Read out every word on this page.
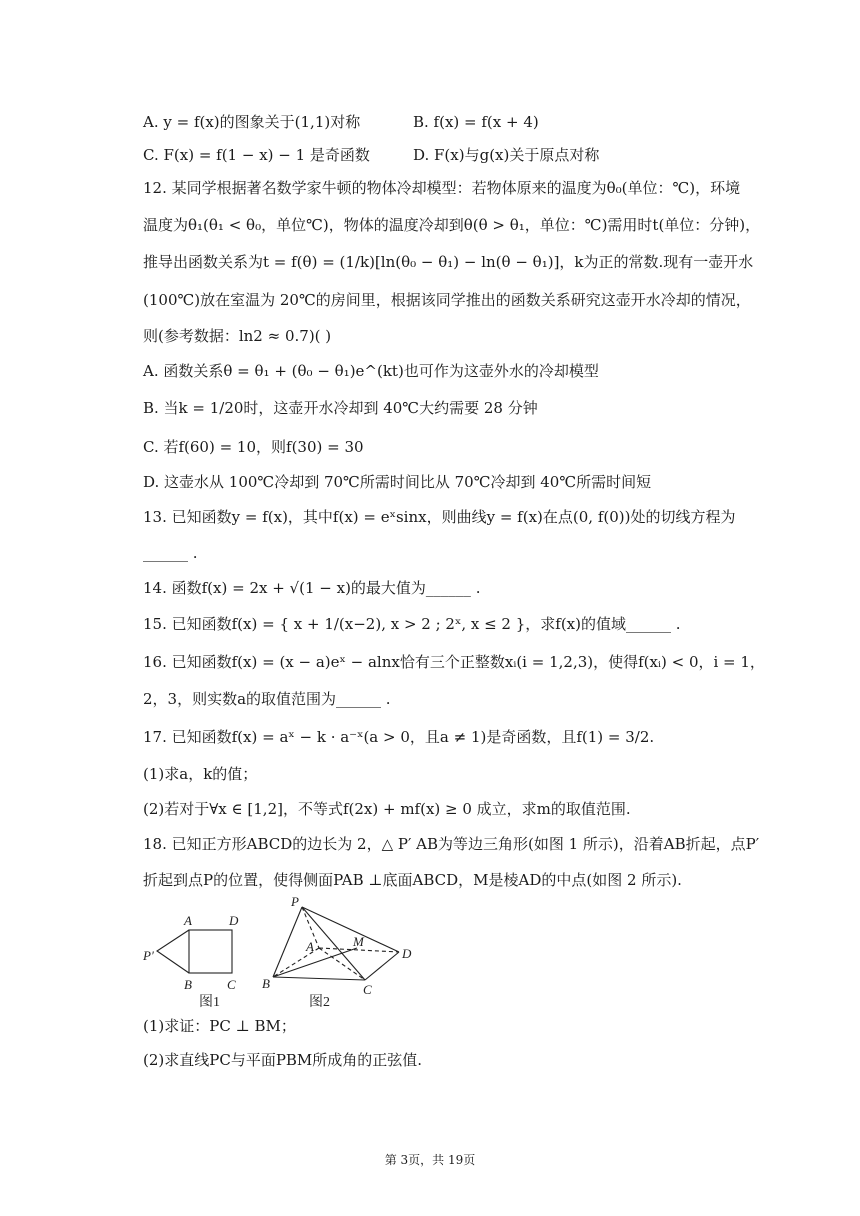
A. y = f(x)的图象关于(1,1)对称	B. f(x) = f(x + 4)
C. F(x) = f(1 − x) − 1 是奇函数	D. F(x)与g(x)关于原点对称
12. 某同学根据著名数学家牛顿的物体冷却模型：若物体原来的温度为θ₀(单位：℃)，环境
温度为θ₁(θ₁ < θ₀，单位℃)，物体的温度冷却到θ(θ > θ₁，单位：℃)需用时t(单位：分钟)，
推导出函数关系为t = f(θ) = (1/k)[ln(θ₀ − θ₁) − ln(θ − θ₁)]，k为正的常数.现有一壶开水
(100℃)放在室温为 20℃的房间里，根据该同学推出的函数关系研究这壶开水冷却的情况，
则(参考数据：ln2 ≈ 0.7)( )
A. 函数关系θ = θ₁ + (θ₀ − θ₁)e^(kt)也可作为这壶外水的冷却模型
B. 当k = 1/20时，这壶开水冷却到 40℃大约需要 28 分钟
C. 若f(60) = 10，则f(30) = 30
D. 这壶水从 100℃冷却到 70℃所需时间比从 70℃冷却到 40℃所需时间短
13. 已知函数y = f(x)，其中f(x) = eˣsinx，则曲线y = f(x)在点(0, f(0))处的切线方程为
______ .
14. 函数f(x) = 2x + √(1 − x)的最大值为______ .
15. 已知函数f(x) = { x + 1/(x−2), x > 2 ; 2ˣ, x ≤ 2 }，求f(x)的值域______ .
16. 已知函数f(x) = (x − a)eˣ − alnx恰有三个正整数xᵢ(i = 1,2,3)，使得f(xᵢ) < 0，i = 1，
2，3，则实数a的取值范围为______ .
17. 已知函数f(x) = aˣ − k · a⁻ˣ(a > 0，且a ≠ 1)是奇函数，且f(1) = 3/2.
(1)求a，k的值；
(2)若对于∀x ∈ [1,2]，不等式f(2x) + mf(x) ≥ 0 成立，求m的取值范围.
18. 已知正方形ABCD的边长为 2，△ P′ AB为等边三角形(如图 1 所示)，沿着AB折起，点P′
折起到点P的位置，使得侧面PAB ⊥底面ABCD，M是棱AD的中点(如图 2 所示).
A	D
P′
B	C
图1
P
A	M
D
B	C
图2
(1)求证：PC ⊥ BM；
(2)求直线PC与平面PBM所成角的正弦值.
第 3页，共 19页
